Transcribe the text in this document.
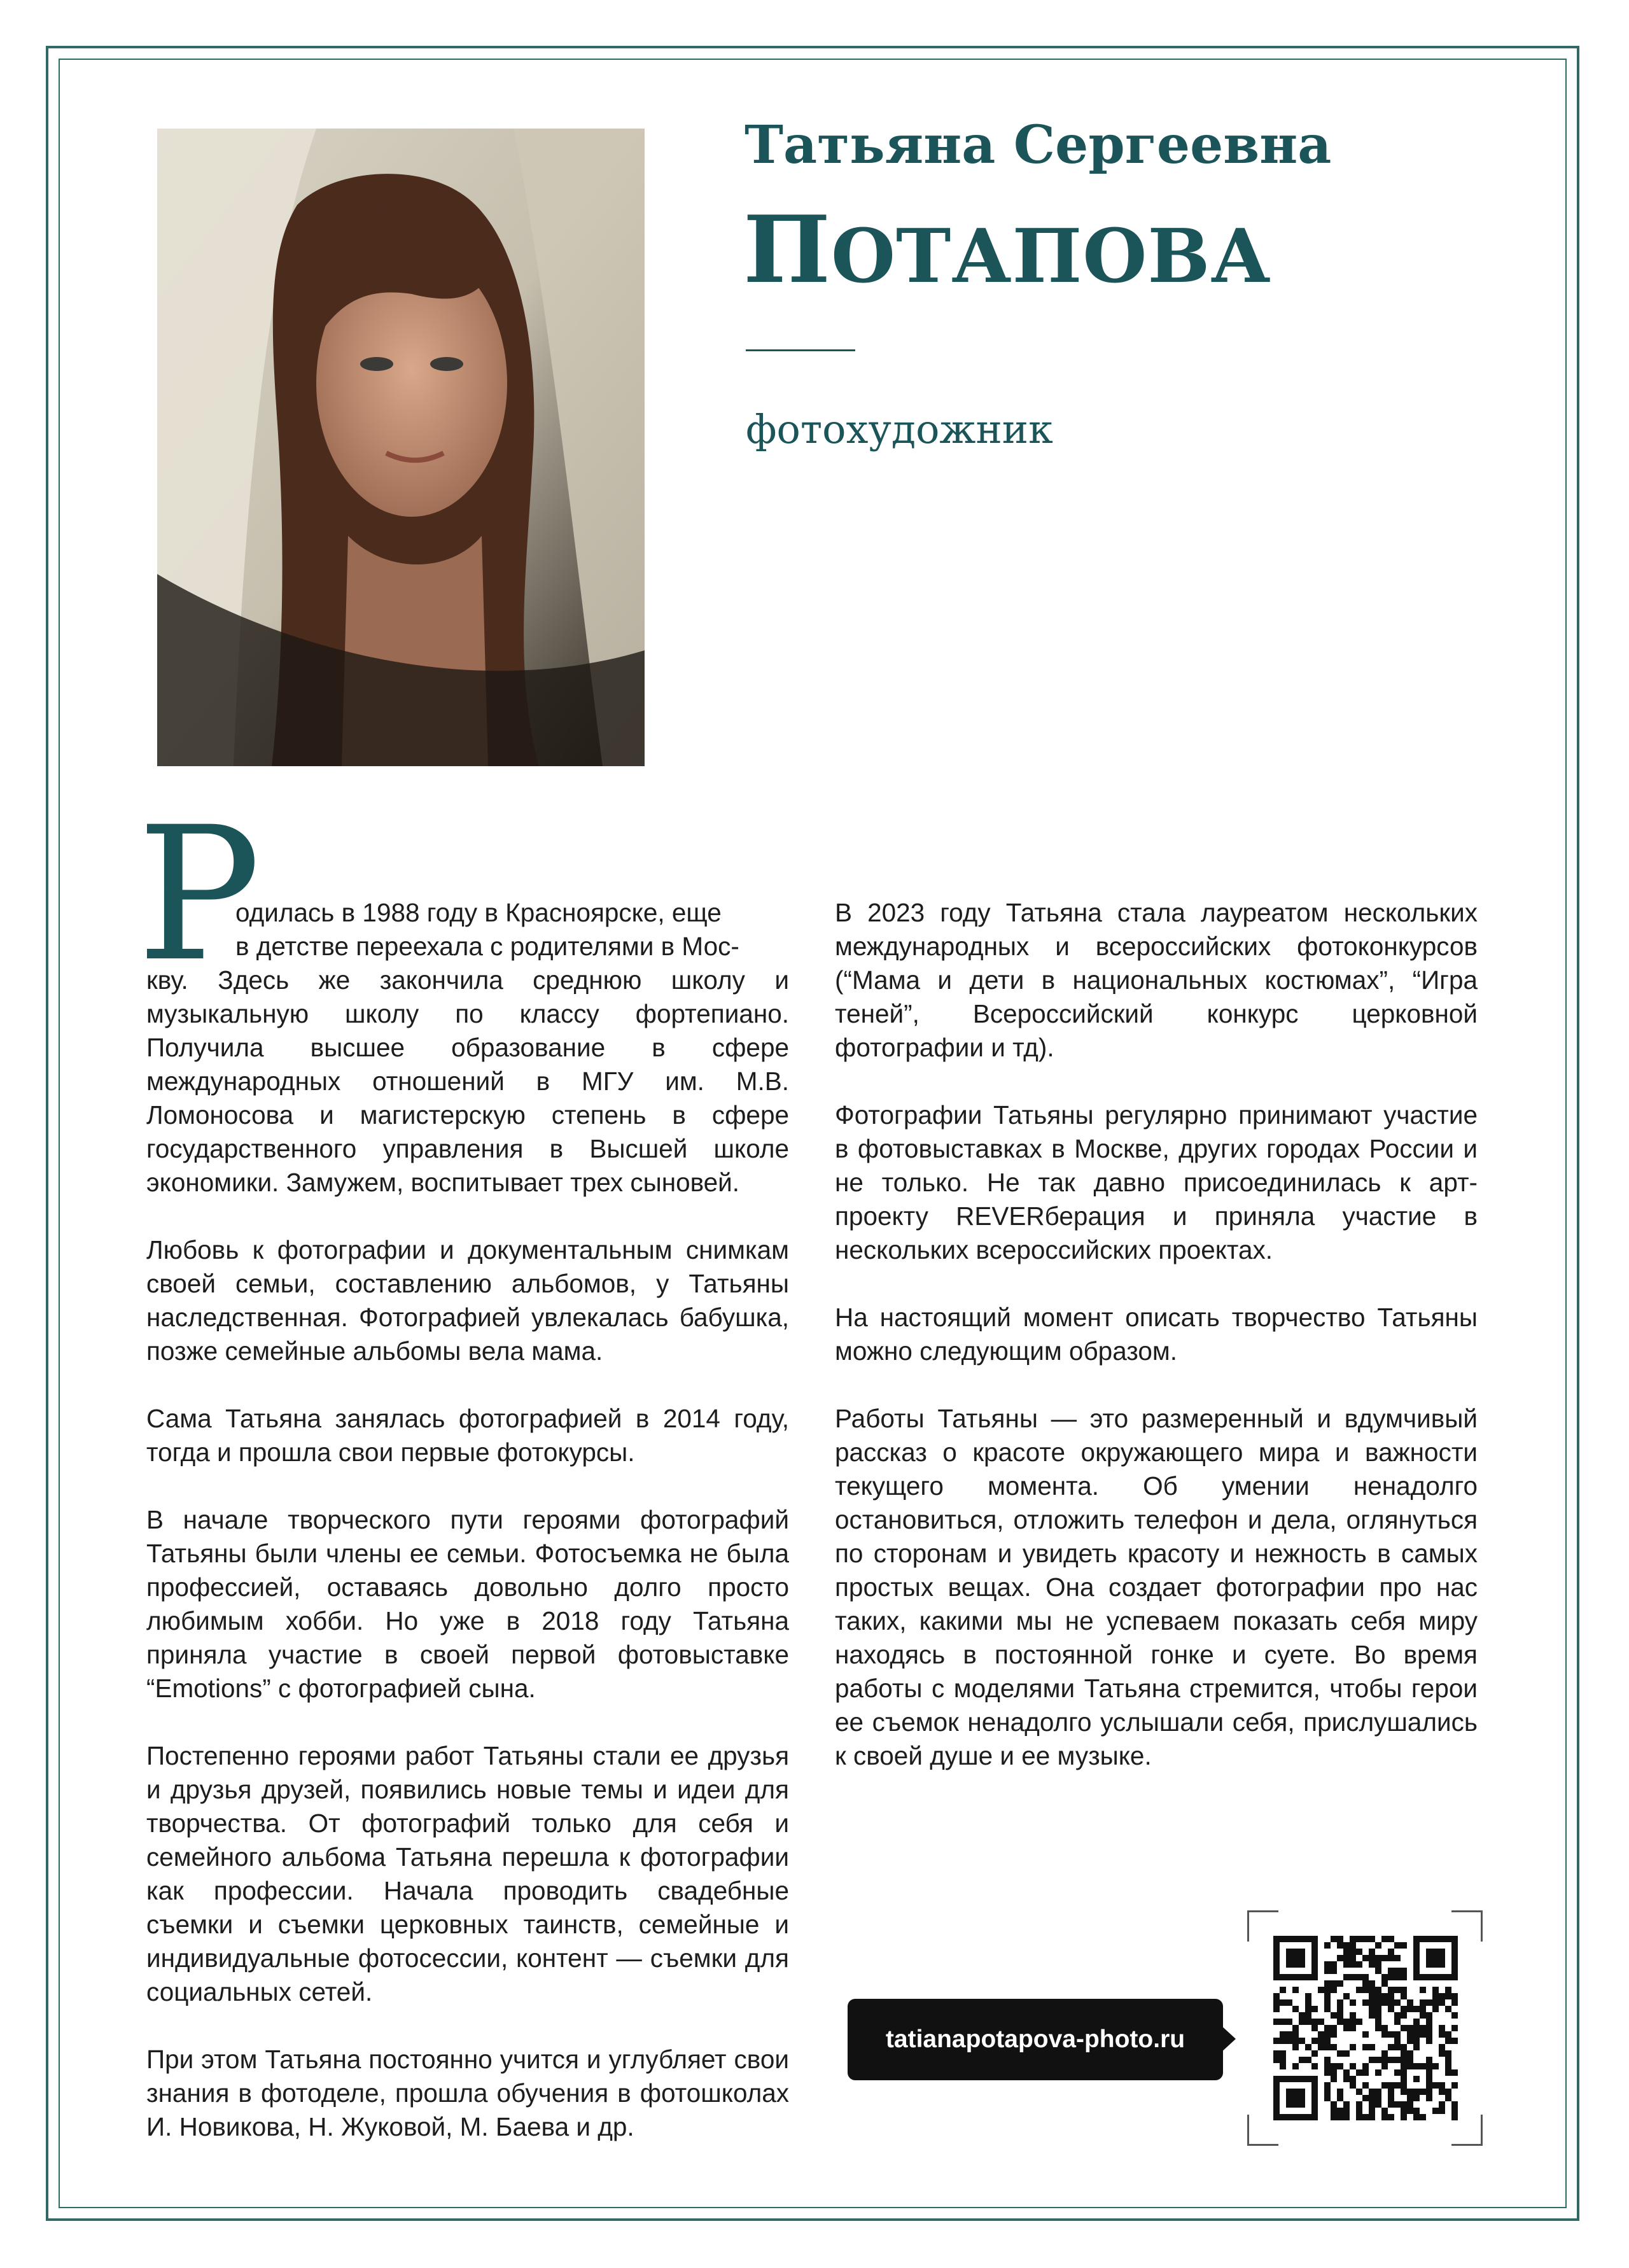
Татьяна Сергеевна
ПОТАПОВА
фотохудожник
Р

одилась в 1988 году в Красноярске, еще
в детстве переехала с родителями в Мос-
кву. Здесь же закончила среднюю школу и музыкальную школу по классу фортепиано. Получила высшее образование в сфере международных отношений в МГУ им. М.В. Ломоносова и магистерскую степень в сфере государственного управления в Высшей школе экономики. Замужем, воспитывает трех сыновей.

Любовь к фотографии и документальным снимкам своей семьи, составлению альбомов, у Татьяны наследственная. Фотографией увлекалась бабушка, позже семейные альбомы вела мама.

Сама Татьяна занялась фотографией в 2014 году, тогда и прошла свои первые фотокурсы.

В начале творческого пути героями фотографий Татьяны были члены ее семьи. Фотосъемка не была профессией, оставаясь довольно долго просто любимым хобби. Но уже в 2018 году Татьяна приняла участие в своей первой фотовыставке “Emotions” с фотографией сына.

Постепенно героями работ Татьяны стали ее друзья и друзья друзей, появились новые темы и идеи для творчества. От фотографий только для себя и семейного альбома Татьяна перешла к фотографии как профессии. Начала проводить свадебные съемки и съемки церковных таинств, семейные и индивидуальные фотосессии, контент — съемки для социальных сетей.

При этом Татьяна постоянно учится и углубляет свои знания в фотоделе, прошла обучения в фотошколах И. Новикова, Н. Жуковой, М. Баева и др.

В 2023 году Татьяна стала лауреатом нескольких международных и всероссийских фотоконкурсов (“Мама и дети в национальных костюмах”, “Игра теней”, Всероссийский конкурс церковной фотографии и тд).

Фотографии Татьяны регулярно принимают участие в фотовыставках в Москве, других городах России и не только. Не так давно присоединилась к арт-проекту REVERберация и приняла участие в нескольких всероссийских проектах.

На настоящий момент описать творчество Татьяны можно следующим образом.

Работы Татьяны — это размеренный и вдумчивый рассказ о красоте окружающего мира и важности текущего момента. Об умении ненадолго остановиться, отложить телефон и дела, оглянуться по сторонам и увидеть красоту и нежность в самых простых вещах. Она создает фотографии про нас таких, какими мы не успеваем показать себя миру находясь в постоянной гонке и суете. Во время работы с моделями Татьяна стремится, чтобы герои ее съемок ненадолго услышали себя, прислушались к своей душе и ее музыке.

tatianapotapova-photo.ru
